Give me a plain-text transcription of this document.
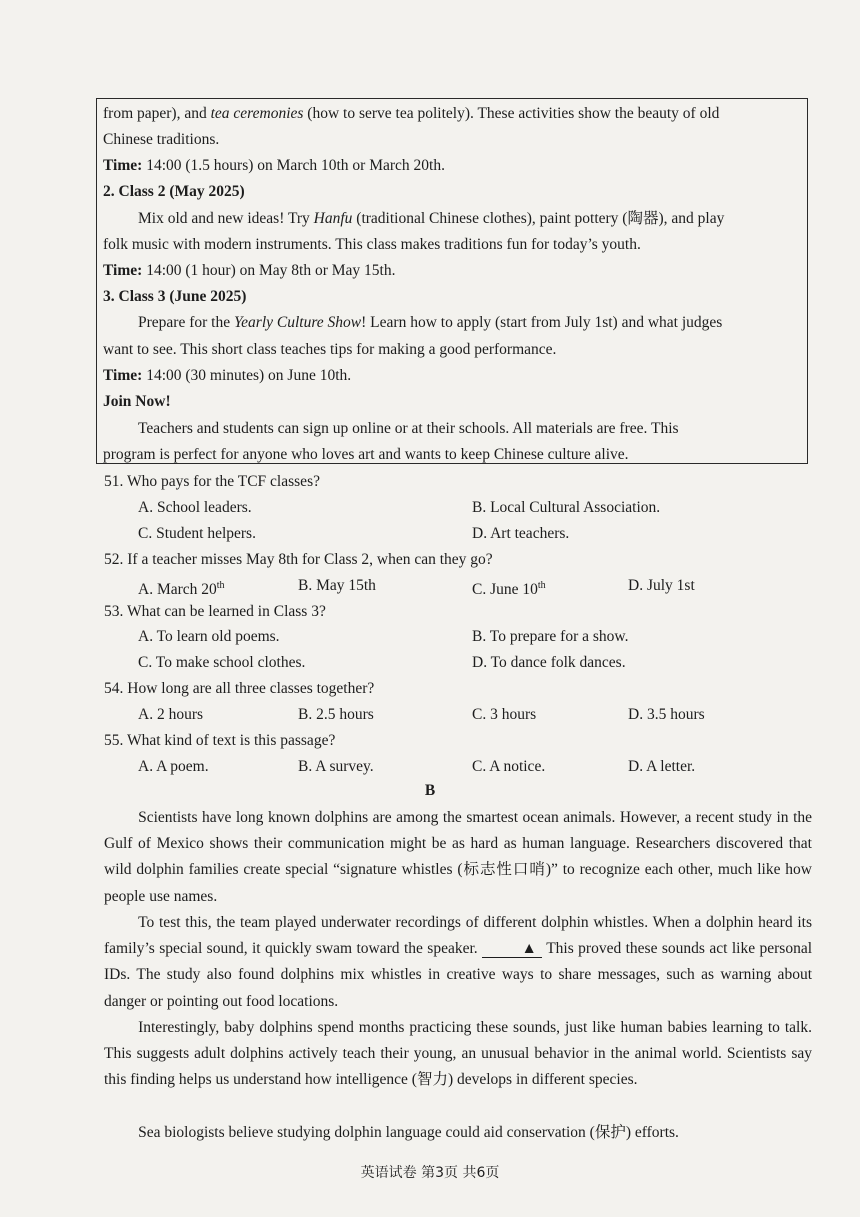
from paper), and tea ceremonies (how to serve tea politely). These activities show the beauty of old
Chinese traditions.
Time: 14:00 (1.5 hours) on March 10th or March 20th.
2. Class 2 (May 2025)
Mix old and new ideas! Try Hanfu (traditional Chinese clothes), paint pottery (陶器), and play
folk music with modern instruments. This class makes traditions fun for today’s youth.
Time: 14:00 (1 hour) on May 8th or May 15th.
3. Class 3 (June 2025)
Prepare for the Yearly Culture Show! Learn how to apply (start from July 1st) and what judges
want to see. This short class teaches tips for making a good performance.
Time: 14:00 (30 minutes) on June 10th.
Join Now!
Teachers and students can sign up online or at their schools. All materials are free. This
program is perfect for anyone who loves art and wants to keep Chinese culture alive.
51. Who pays for the TCF classes?
A. School leaders.	B. Local Cultural Association.
C. Student helpers.	D. Art teachers.
52. If a teacher misses May 8th for Class 2, when can they go?
A. March 20th	B. May 15th	C. June 10th	D. July 1st
53. What can be learned in Class 3?
A. To learn old poems.	B. To prepare for a show.
C. To make school clothes.	D. To dance folk dances.
54. How long are all three classes together?
A. 2 hours	B. 2.5 hours	C. 3 hours	D. 3.5 hours
55. What kind of text is this passage?
A. A poem.	B. A survey.	C. A notice.	D. A letter.
B
Scientists have long known dolphins are among the smartest ocean animals. However, a recent study in the Gulf of Mexico shows their communication might be as hard as human language. Researchers discovered that wild dolphin families create special “signature whistles (标志性口哨)” to recognize each other, much like how people use names.
To test this, the team played underwater recordings of different dolphin whistles. When a dolphin heard its family’s special sound, it quickly swam toward the speaker.	▲ This proved these sounds act like personal IDs. The study also found dolphins mix whistles in creative ways to share messages, such as warning about danger or pointing out food locations.
Interestingly, baby dolphins spend months practicing these sounds, just like human babies learning to talk. This suggests adult dolphins actively teach their young, an unusual behavior in the animal world. Scientists say this finding helps us understand how intelligence (智力) develops in different species.
Sea biologists believe studying dolphin language could aid conservation (保护) efforts.
英语试卷 第3页 共6页
